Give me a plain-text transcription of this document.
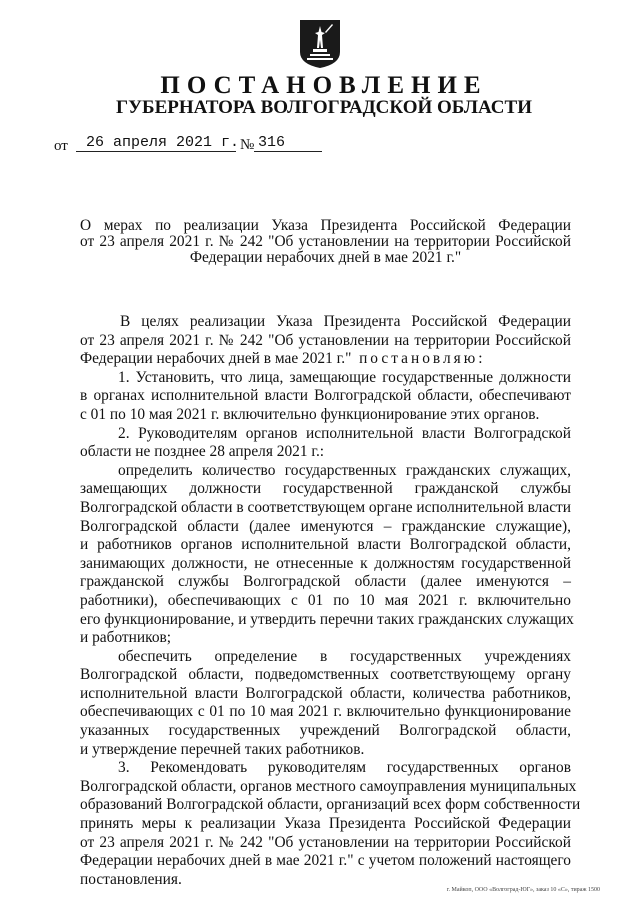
ПОСТАНОВЛЕНИЕ
ГУБЕРНАТОРА ВОЛГОГРАДСКОЙ ОБЛАСТИ
от 26 апреля 2021 г. № 316
О мерах по реализации Указа Президента Российской Федерации
от 23 апреля 2021 г. № 242 "Об установлении на территории Российской
Федерации нерабочих дней в мае 2021 г."
В целях реализации Указа Президента Российской Федерации
от 23 апреля 2021 г. № 242 "Об установлении на территории Российской
Федерации нерабочих дней в мае 2021 г." постановляю:
1. Установить, что лица, замещающие государственные должности
в органах исполнительной власти Волгоградской области, обеспечивают
с 01 по 10 мая 2021 г. включительно функционирование этих органов.
2. Руководителям органов исполнительной власти Волгоградской
области не позднее 28 апреля 2021 г.:
определить количество государственных гражданских служащих,
замещающих должности государственной гражданской службы
Волгоградской области в соответствующем органе исполнительной власти
Волгоградской области (далее именуются – гражданские служащие),
и работников органов исполнительной власти Волгоградской области,
занимающих должности, не отнесенные к должностям государственной
гражданской службы Волгоградской области (далее именуются –
работники), обеспечивающих с 01 по 10 мая 2021 г. включительно
его функционирование, и утвердить перечни таких гражданских служащих
и работников;
обеспечить определение в государственных учреждениях
Волгоградской области, подведомственных соответствующему органу
исполнительной власти Волгоградской области, количества работников,
обеспечивающих с 01 по 10 мая 2021 г. включительно функционирование
указанных государственных учреждений Волгоградской области,
и утверждение перечней таких работников.
3. Рекомендовать руководителям государственных органов
Волгоградской области, органов местного самоуправления муниципальных
образований Волгоградской области, организаций всех форм собственности
принять меры к реализации Указа Президента Российской Федерации
от 23 апреля 2021 г. № 242 "Об установлении на территории Российской
Федерации нерабочих дней в мае 2021 г." с учетом положений настоящего
постановления.
г. Майкоп, ООО «Волгоград-ЮГ», заказ 10 «С», тираж 1500
